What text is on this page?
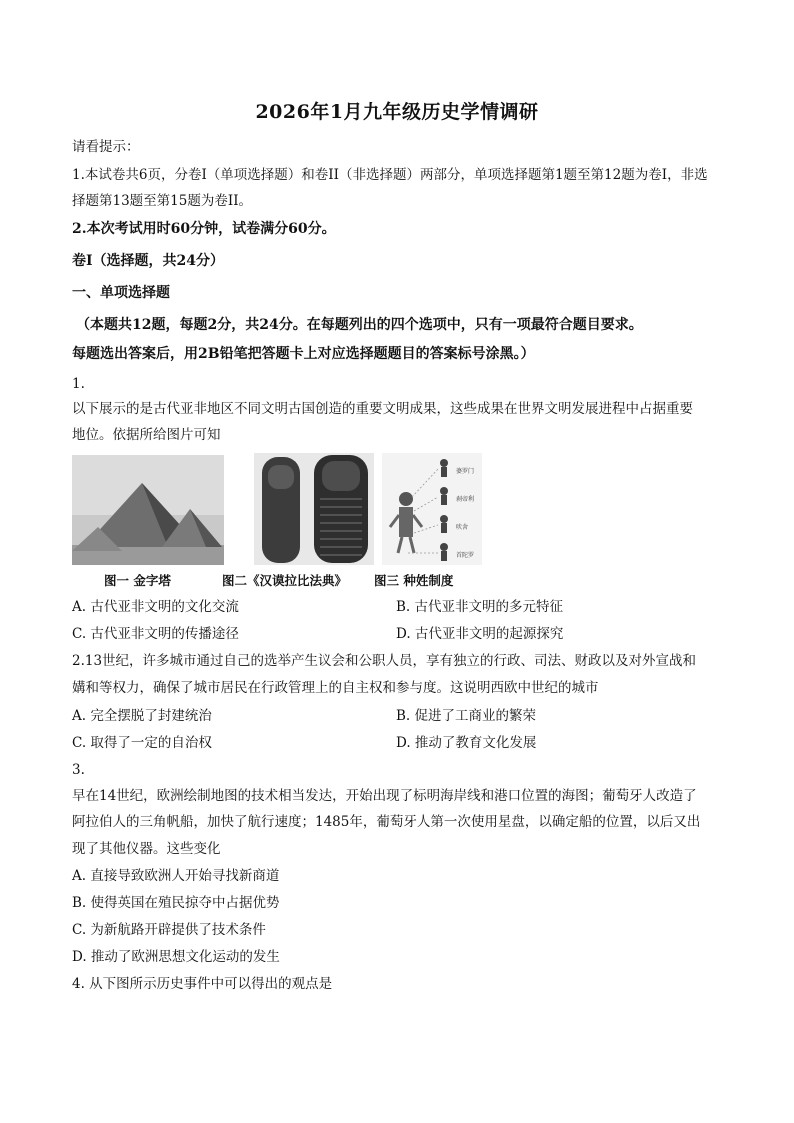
2026年1月九年级历史学情调研
请看提示：
1.本试卷共6页，分卷I（单项选择题）和卷II（非选择题）两部分，单项选择题第1题至第12题为卷I，非选
择题第13题至第15题为卷II。
2.本次考试用时60分钟，试卷满分60分。
卷I（选择题，共24分）
一、单项选择题
（本题共12题，每题2分，共24分。在每题列出的四个选项中，只有一项最符合题目要求。
每题选出答案后，用2B铅笔把答题卡上对应选择题题目的答案标号涂黑。）
1.
以下展示的是古代亚非地区不同文明古国创造的重要文明成果，这些成果在世界文明发展进程中占据重要
地位。依据所给图片可知
婆罗门
刹帝利
吠舍
首陀罗
图一 金字塔	图二《汉谟拉比法典》 图三 种姓制度
A. 古代亚非文明的文化交流	B. 古代亚非文明的多元特征
C. 古代亚非文明的传播途径	D. 古代亚非文明的起源探究
2.13世纪，许多城市通过自己的选举产生议会和公职人员，享有独立的行政、司法、财政以及对外宣战和
媾和等权力，确保了城市居民在行政管理上的自主权和参与度。这说明西欧中世纪的城市
A. 完全摆脱了封建统治	B. 促进了工商业的繁荣
C. 取得了一定的自治权	D. 推动了教育文化发展
3.
早在14世纪，欧洲绘制地图的技术相当发达，开始出现了标明海岸线和港口位置的海图；葡萄牙人改造了
阿拉伯人的三角帆船，加快了航行速度；1485年，葡萄牙人第一次使用星盘，以确定船的位置，以后又出
现了其他仪器。这些变化
A. 直接导致欧洲人开始寻找新商道
B. 使得英国在殖民掠夺中占据优势
C. 为新航路开辟提供了技术条件
D. 推动了欧洲思想文化运动的发生
4. 从下图所示历史事件中可以得出的观点是
